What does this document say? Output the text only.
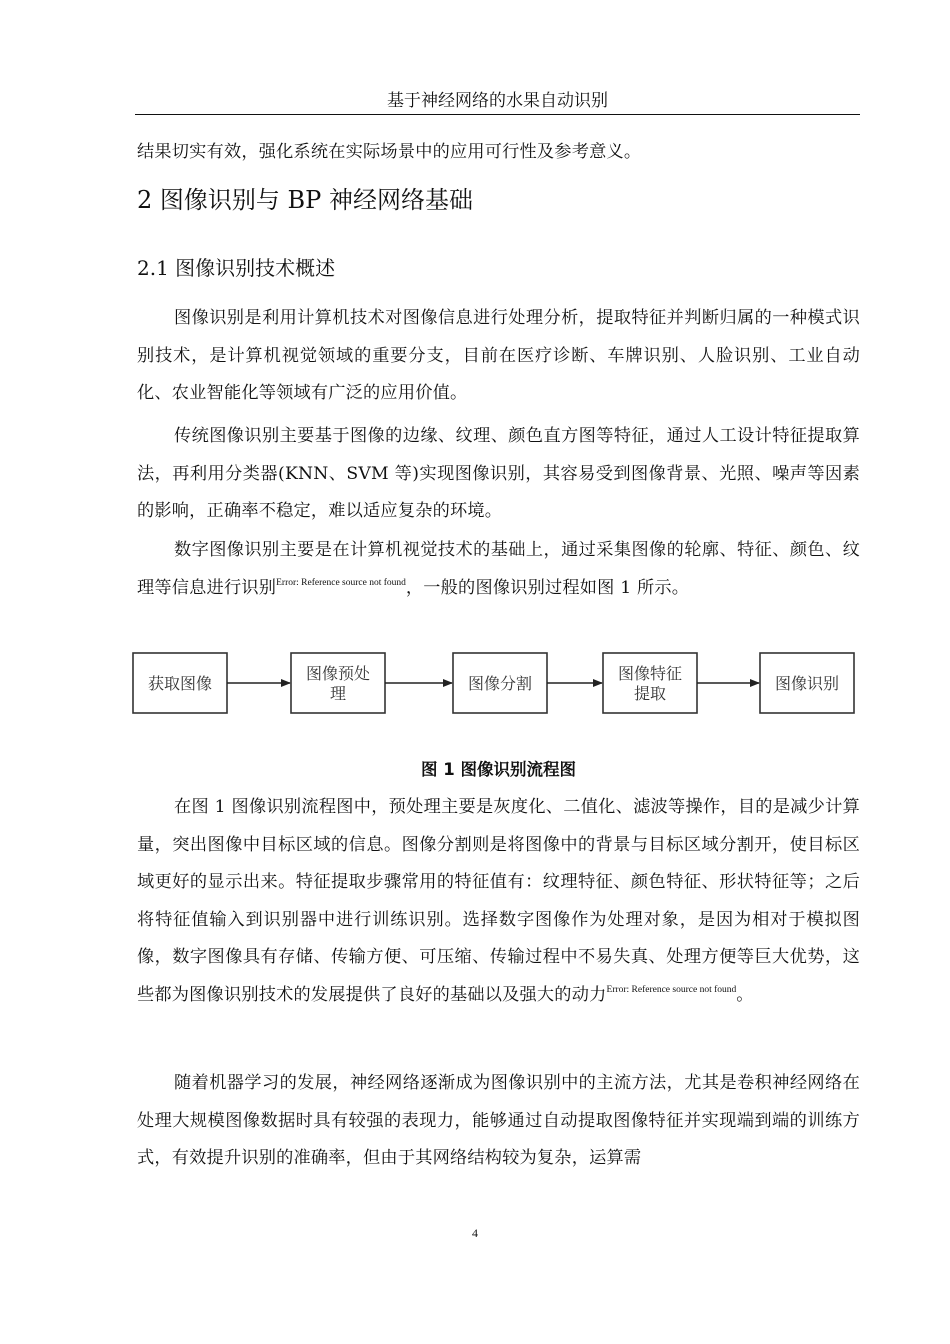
基于神经网络的水果自动识别
结果切实有效，强化系统在实际场景中的应用可行性及参考意义。
2 图像识别与 BP 神经网络基础
2.1 图像识别技术概述

图像识别是利用计算机技术对图像信息进行处理分析，提取特征并判断归属的一种模式识别技术，是计算机视觉领域的重要分支，目前在医疗诊断、车牌识别、人脸识别、工业自动化、农业智能化等领域有广泛的应用价值。

传统图像识别主要基于图像的边缘、纹理、颜色直方图等特征，通过人工设计特征提取算法，再利用分类器(KNN、SVM 等)实现图像识别，其容易受到图像背景、光照、噪声等因素的影响，正确率不稳定，难以适应复杂的环境。

数字图像识别主要是在计算机视觉技术的基础上，通过采集图像的轮廓、特征、颜色、纹理等信息进行识别$^{Error: Reference source not found}$，一般的图像识别过程如图 1 所示。

获取图像
图像预处
理
图像分割
图像特征
提取
图像识别
图 1 图像识别流程图

在图 1 图像识别流程图中，预处理主要是灰度化、二值化、滤波等操作，目的是减少计算量，突出图像中目标区域的信息。图像分割则是将图像中的背景与目标区域分割开，使目标区域更好的显示出来。特征提取步骤常用的特征值有：纹理特征、颜色特征、形状特征等；之后将特征值输入到识别器中进行训练识别。选择数字图像作为处理对象，是因为相对于模拟图像，数字图像具有存储、传输方便、可压缩、传输过程中不易失真、处理方便等巨大优势，这些都为图像识别技术的发展提供了良好的基础以及强大的动力$^{Error: Reference source not found}$。

随着机器学习的发展，神经网络逐渐成为图像识别中的主流方法，尤其是卷积神经网络在处理大规模图像数据时具有较强的表现力，能够通过自动提取图像特征并实现端到端的训练方式，有效提升识别的准确率，但由于其网络结构较为复杂，运算需

4
